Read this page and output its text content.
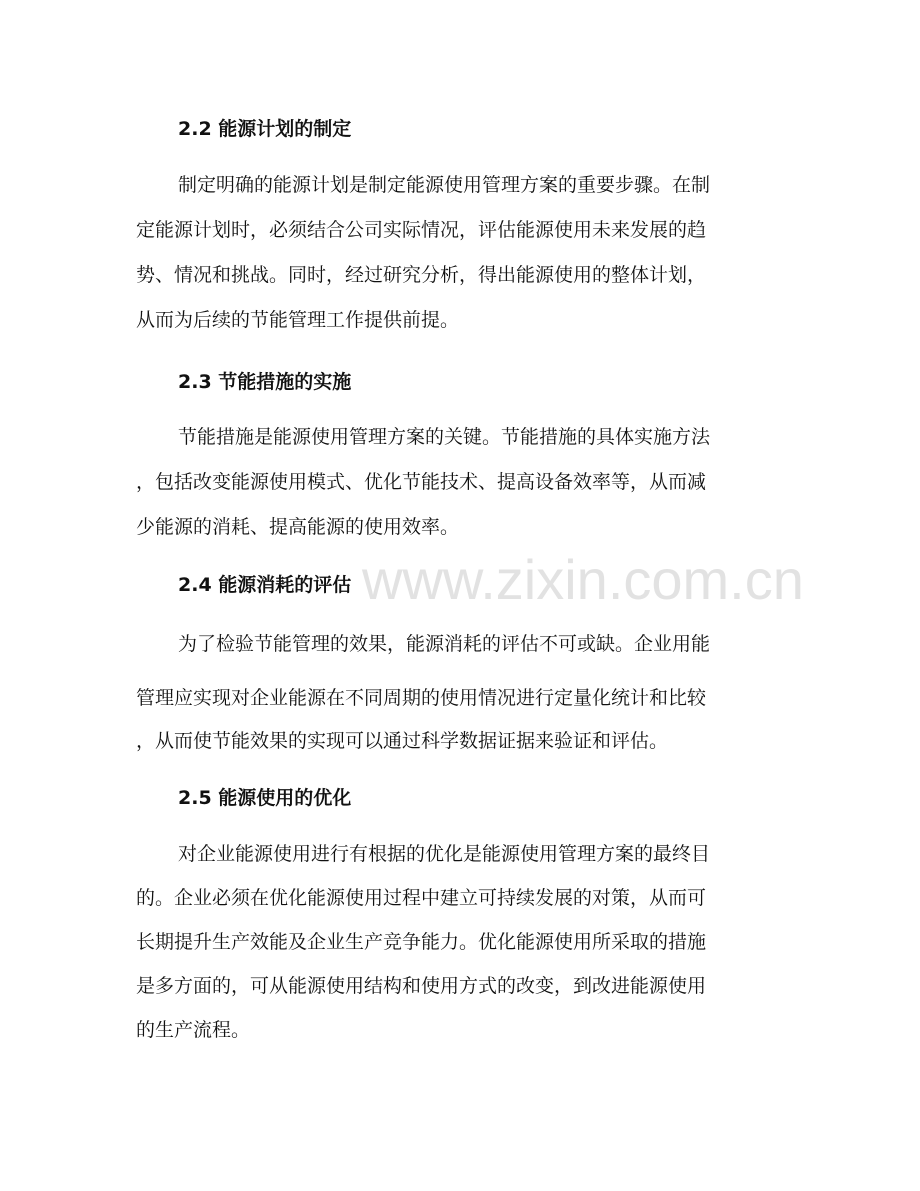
2.2 能源计划的制定
制定明确的能源计划是制定能源使用管理方案的重要步骤。在制
定能源计划时，必须结合公司实际情况，评估能源使用未来发展的趋
势、情况和挑战。同时，经过研究分析，得出能源使用的整体计划，
从而为后续的节能管理工作提供前提。
2.3 节能措施的实施
节能措施是能源使用管理方案的关键。节能措施的具体实施方法
，包括改变能源使用模式、优化节能技术、提高设备效率等，从而减
少能源的消耗、提高能源的使用效率。
www.zixin.com.cn
2.4 能源消耗的评估
为了检验节能管理的效果，能源消耗的评估不可或缺。企业用能
管理应实现对企业能源在不同周期的使用情况进行定量化统计和比较
，从而使节能效果的实现可以通过科学数据证据来验证和评估。
2.5 能源使用的优化
对企业能源使用进行有根据的优化是能源使用管理方案的最终目
的。企业必须在优化能源使用过程中建立可持续发展的对策，从而可
长期提升生产效能及企业生产竞争能力。优化能源使用所采取的措施
是多方面的，可从能源使用结构和使用方式的改变，到改进能源使用
的生产流程。
